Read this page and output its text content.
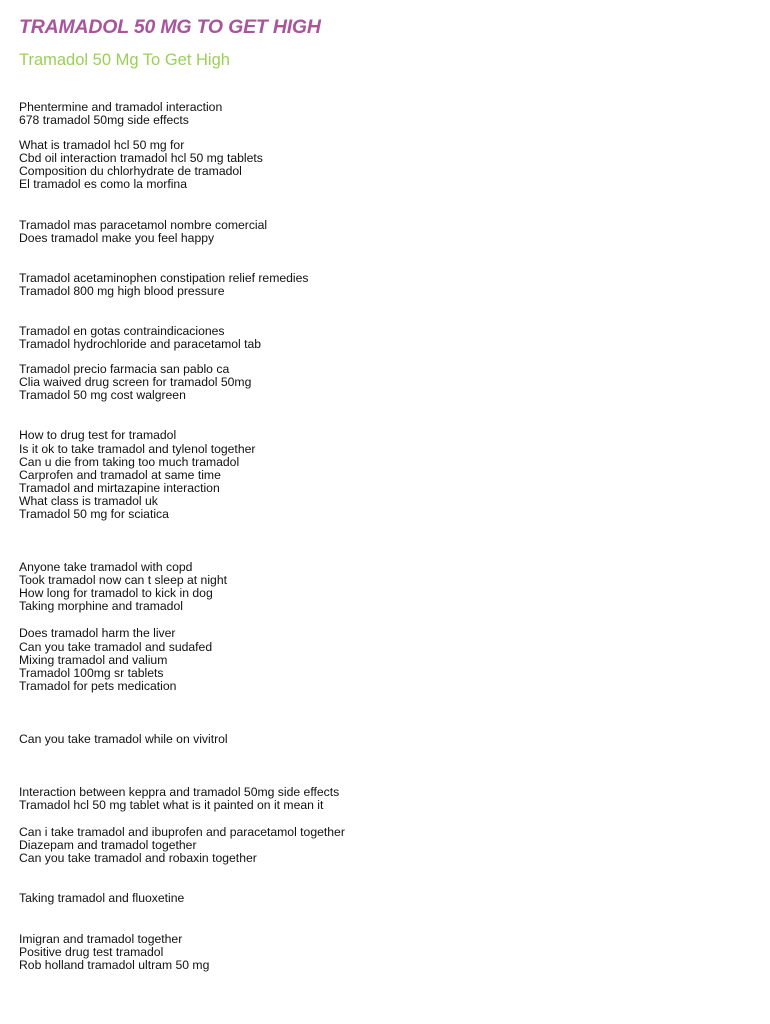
TRAMADOL 50 MG TO GET HIGH
Tramadol 50 Mg To Get High
Phentermine and tramadol interaction
678 tramadol 50mg side effects
What is tramadol hcl 50 mg for
Cbd oil interaction tramadol hcl 50 mg tablets
Composition du chlorhydrate de tramadol
El tramadol es como la morfina
Tramadol mas paracetamol nombre comercial
Does tramadol make you feel happy
Tramadol acetaminophen constipation relief remedies
Tramadol 800 mg high blood pressure
Tramadol en gotas contraindicaciones
Tramadol hydrochloride and paracetamol tab
Tramadol precio farmacia san pablo ca
Clia waived drug screen for tramadol 50mg
Tramadol 50 mg cost walgreen
How to drug test for tramadol
Is it ok to take tramadol and tylenol together
Can u die from taking too much tramadol
Carprofen and tramadol at same time
Tramadol and mirtazapine interaction
What class is tramadol uk
Tramadol 50 mg for sciatica
Anyone take tramadol with copd
Took tramadol now can t sleep at night
How long for tramadol to kick in dog
Taking morphine and tramadol
Does tramadol harm the liver
Can you take tramadol and sudafed
Mixing tramadol and valium
Tramadol 100mg sr tablets
Tramadol for pets medication
Can you take tramadol while on vivitrol
Interaction between keppra and tramadol 50mg side effects
Tramadol hcl 50 mg tablet what is it painted on it mean it
Can i take tramadol and ibuprofen and paracetamol together
Diazepam and tramadol together
Can you take tramadol and robaxin together
Taking tramadol and fluoxetine
Imigran and tramadol together
Positive drug test tramadol
Rob holland tramadol ultram 50 mg
